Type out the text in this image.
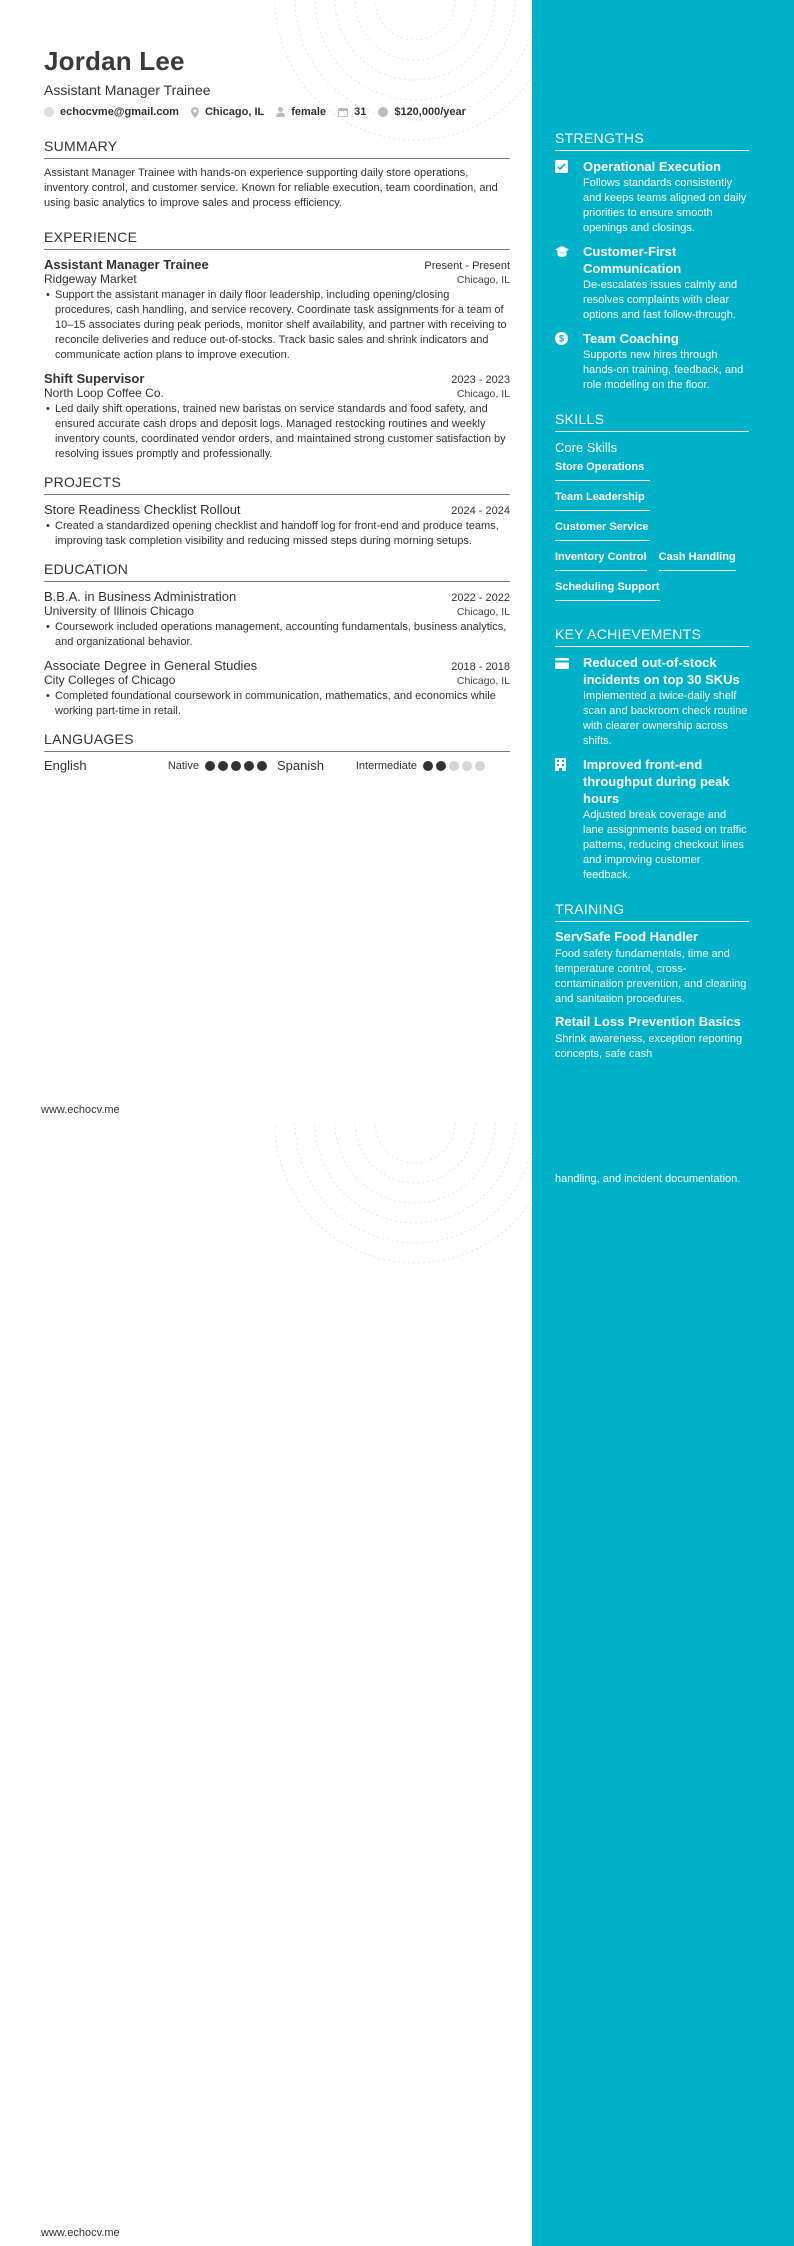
Jordan Lee
Assistant Manager Trainee
echocvme@gmail.com Chicago, IL female	31	$120,000/year
SUMMARY
Assistant Manager Trainee with hands-on experience supporting daily store operations, inventory control, and customer service. Known for reliable execution, team coordination, and using basic analytics to improve sales and process efficiency.
EXPERIENCE
Assistant Manager Trainee	Present - Present
Ridgeway Market	Chicago, IL
• Support the assistant manager in daily floor leadership, including opening/closing procedures, cash handling, and service recovery. Coordinate task assignments for a team of 10–15 associates during peak periods, monitor shelf availability, and partner with receiving to reconcile deliveries and reduce out-of-stocks. Track basic sales and shrink indicators and communicate action plans to improve execution.
Shift Supervisor	2023 - 2023
North Loop Coffee Co.	Chicago, IL
• Led daily shift operations, trained new baristas on service standards and food safety, and ensured accurate cash drops and deposit logs. Managed restocking routines and weekly inventory counts, coordinated vendor orders, and maintained strong customer satisfaction by resolving issues promptly and professionally.
PROJECTS
Store Readiness Checklist Rollout	2024 - 2024
• Created a standardized opening checklist and handoff log for front-end and produce teams, improving task completion visibility and reducing missed steps during morning setups.
EDUCATION
B.B.A. in Business Administration	2022 - 2022
University of Illinois Chicago	Chicago, IL
• Coursework included operations management, accounting fundamentals, business analytics, and organizational behavior.
Associate Degree in General Studies	2018 - 2018
City Colleges of Chicago	Chicago, IL
• Completed foundational coursework in communication, mathematics, and economics while working part-time in retail.
LANGUAGES
English	Native	Spanish	Intermediate
STRENGTHS
Operational Execution
Follows standards consistently and keeps teams aligned on daily priorities to ensure smooth openings and closings.
Customer-First Communication
De-escalates issues calmly and resolves complaints with clear options and fast follow-through.
$ Team Coaching
Supports new hires through hands-on training, feedback, and role modeling on the floor.
SKILLS
Core Skills
Store Operations
Team Leadership
Customer Service
Inventory Control Cash Handling
Scheduling Support
KEY ACHIEVEMENTS
Reduced out-of-stock incidents on top 30 SKUs
Implemented a twice-daily shelf scan and backroom check routine with clearer ownership across shifts.
Improved front-end throughput during peak hours
Adjusted break coverage and lane assignments based on traffic patterns, reducing checkout lines and improving customer feedback.
TRAINING
ServSafe Food Handler
Food safety fundamentals, time and temperature control, cross-contamination prevention, and cleaning and sanitation procedures.
Retail Loss Prevention Basics
Shrink awareness, exception reporting concepts, safe cash
www.echocv.me
handling, and incident documentation.
www.echocv.me
